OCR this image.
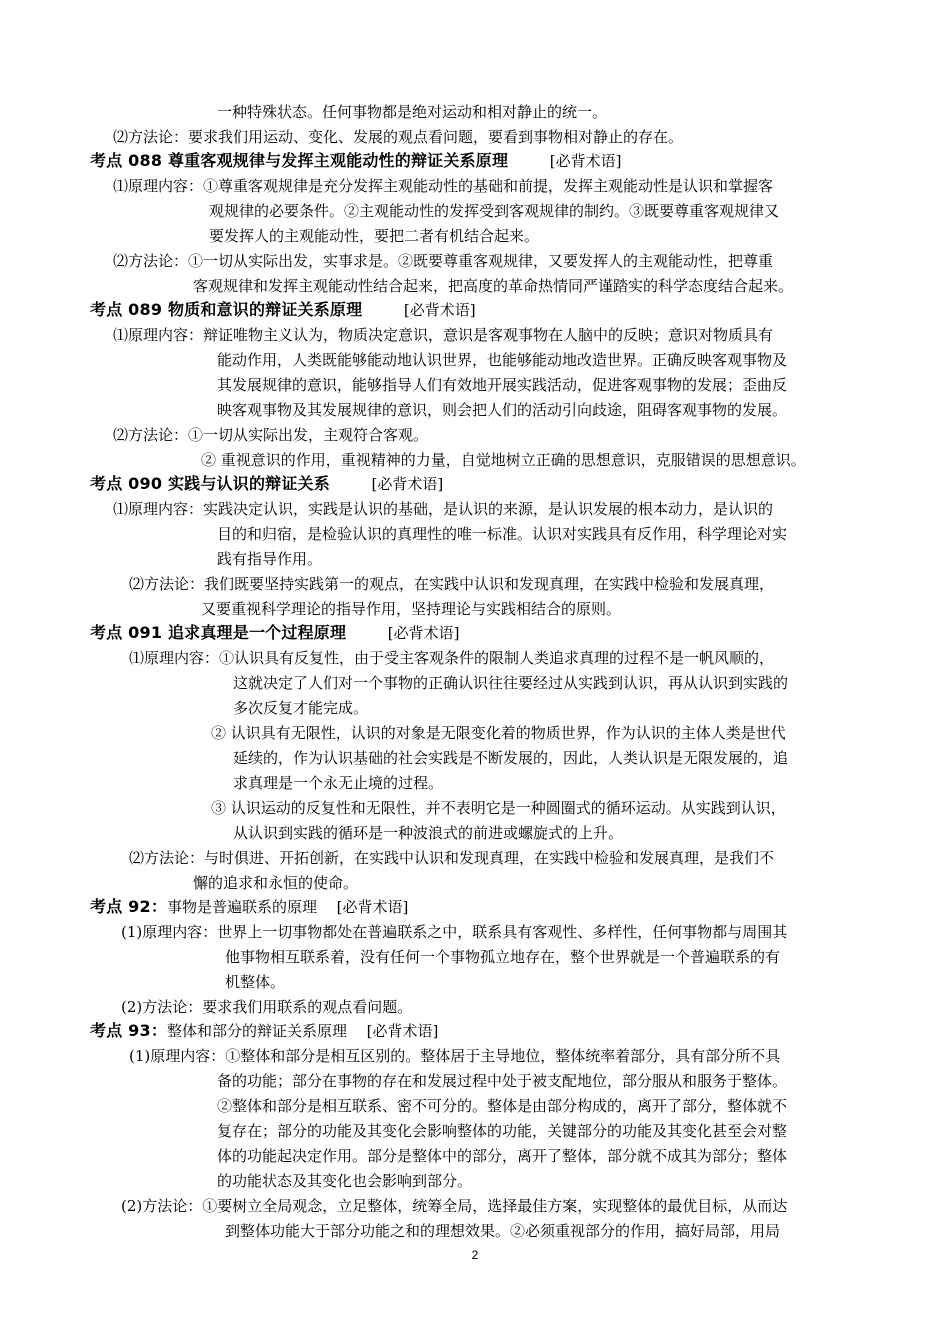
一种特殊状态。任何事物都是绝对运动和相对静止的统一。
⑵方法论：要求我们用运动、变化、发展的观点看问题，要看到事物相对静止的存在。
考点 088 尊重客观规律与发挥主观能动性的辩证关系原理	[必背术语]
⑴原理内容：①尊重客观规律是充分发挥主观能动性的基础和前提，发挥主观能动性是认识和掌握客
观规律的必要条件。②主观能动性的发挥受到客观规律的制约。③既要尊重客观规律又
要发挥人的主观能动性，要把二者有机结合起来。
⑵方法论：①一切从实际出发，实事求是。②既要尊重客观规律，又要发挥人的主观能动性，把尊重
客观规律和发挥主观能动性结合起来，把高度的革命热情同严谨踏实的科学态度结合起来。
考点 089 物质和意识的辩证关系原理	[必背术语]
⑴原理内容：辩证唯物主义认为，物质决定意识，意识是客观事物在人脑中的反映；意识对物质具有
能动作用，人类既能够能动地认识世界，也能够能动地改造世界。正确反映客观事物及
其发展规律的意识，能够指导人们有效地开展实践活动，促进客观事物的发展；歪曲反
映客观事物及其发展规律的意识，则会把人们的活动引向歧途，阻碍客观事物的发展。
⑵方法论：①一切从实际出发，主观符合客观。
② 重视意识的作用，重视精神的力量，自觉地树立正确的思想意识，克服错误的思想意识。
考点 090 实践与认识的辩证关系	[必背术语]
⑴原理内容：实践决定认识，实践是认识的基础，是认识的来源，是认识发展的根本动力，是认识的
目的和归宿，是检验认识的真理性的唯一标准。认识对实践具有反作用，科学理论对实
践有指导作用。
⑵方法论：我们既要坚持实践第一的观点，在实践中认识和发现真理，在实践中检验和发展真理，
又要重视科学理论的指导作用，坚持理论与实践相结合的原则。
考点 091 追求真理是一个过程原理	[必背术语]
⑴原理内容：①认识具有反复性，由于受主客观条件的限制人类追求真理的过程不是一帆风顺的，
这就决定了人们对一个事物的正确认识往往要经过从实践到认识，再从认识到实践的
多次反复才能完成。
② 认识具有无限性，认识的对象是无限变化着的物质世界，作为认识的主体人类是世代
延续的，作为认识基础的社会实践是不断发展的，因此，人类认识是无限发展的，追
求真理是一个永无止境的过程。
③ 认识运动的反复性和无限性，并不表明它是一种圆圈式的循环运动。从实践到认识，
从认识到实践的循环是一种波浪式的前进或螺旋式的上升。
⑵方法论：与时俱进、开拓创新，在实践中认识和发现真理，在实践中检验和发展真理，是我们不
懈的追求和永恒的使命。
考点 92：事物是普遍联系的原理 [必背术语]
(1)原理内容：世界上一切事物都处在普遍联系之中，联系具有客观性、多样性，任何事物都与周围其
他事物相互联系着，没有任何一个事物孤立地存在，整个世界就是一个普遍联系的有
机整体。
(2)方法论：要求我们用联系的观点看问题。
考点 93：整体和部分的辩证关系原理 [必背术语]
(1)原理内容：①整体和部分是相互区别的。整体居于主导地位，整体统率着部分，具有部分所不具
备的功能；部分在事物的存在和发展过程中处于被支配地位，部分服从和服务于整体。
②整体和部分是相互联系、密不可分的。整体是由部分构成的，离开了部分，整体就不
复存在；部分的功能及其变化会影响整体的功能，关键部分的功能及其变化甚至会对整
体的功能起决定作用。部分是整体中的部分，离开了整体，部分就不成其为部分；整体
的功能状态及其变化也会影响到部分。
(2)方法论：①要树立全局观念，立足整体，统筹全局，选择最佳方案，实现整体的最优目标，从而达
到整体功能大于部分功能之和的理想效果。②必须重视部分的作用，搞好局部，用局
2
